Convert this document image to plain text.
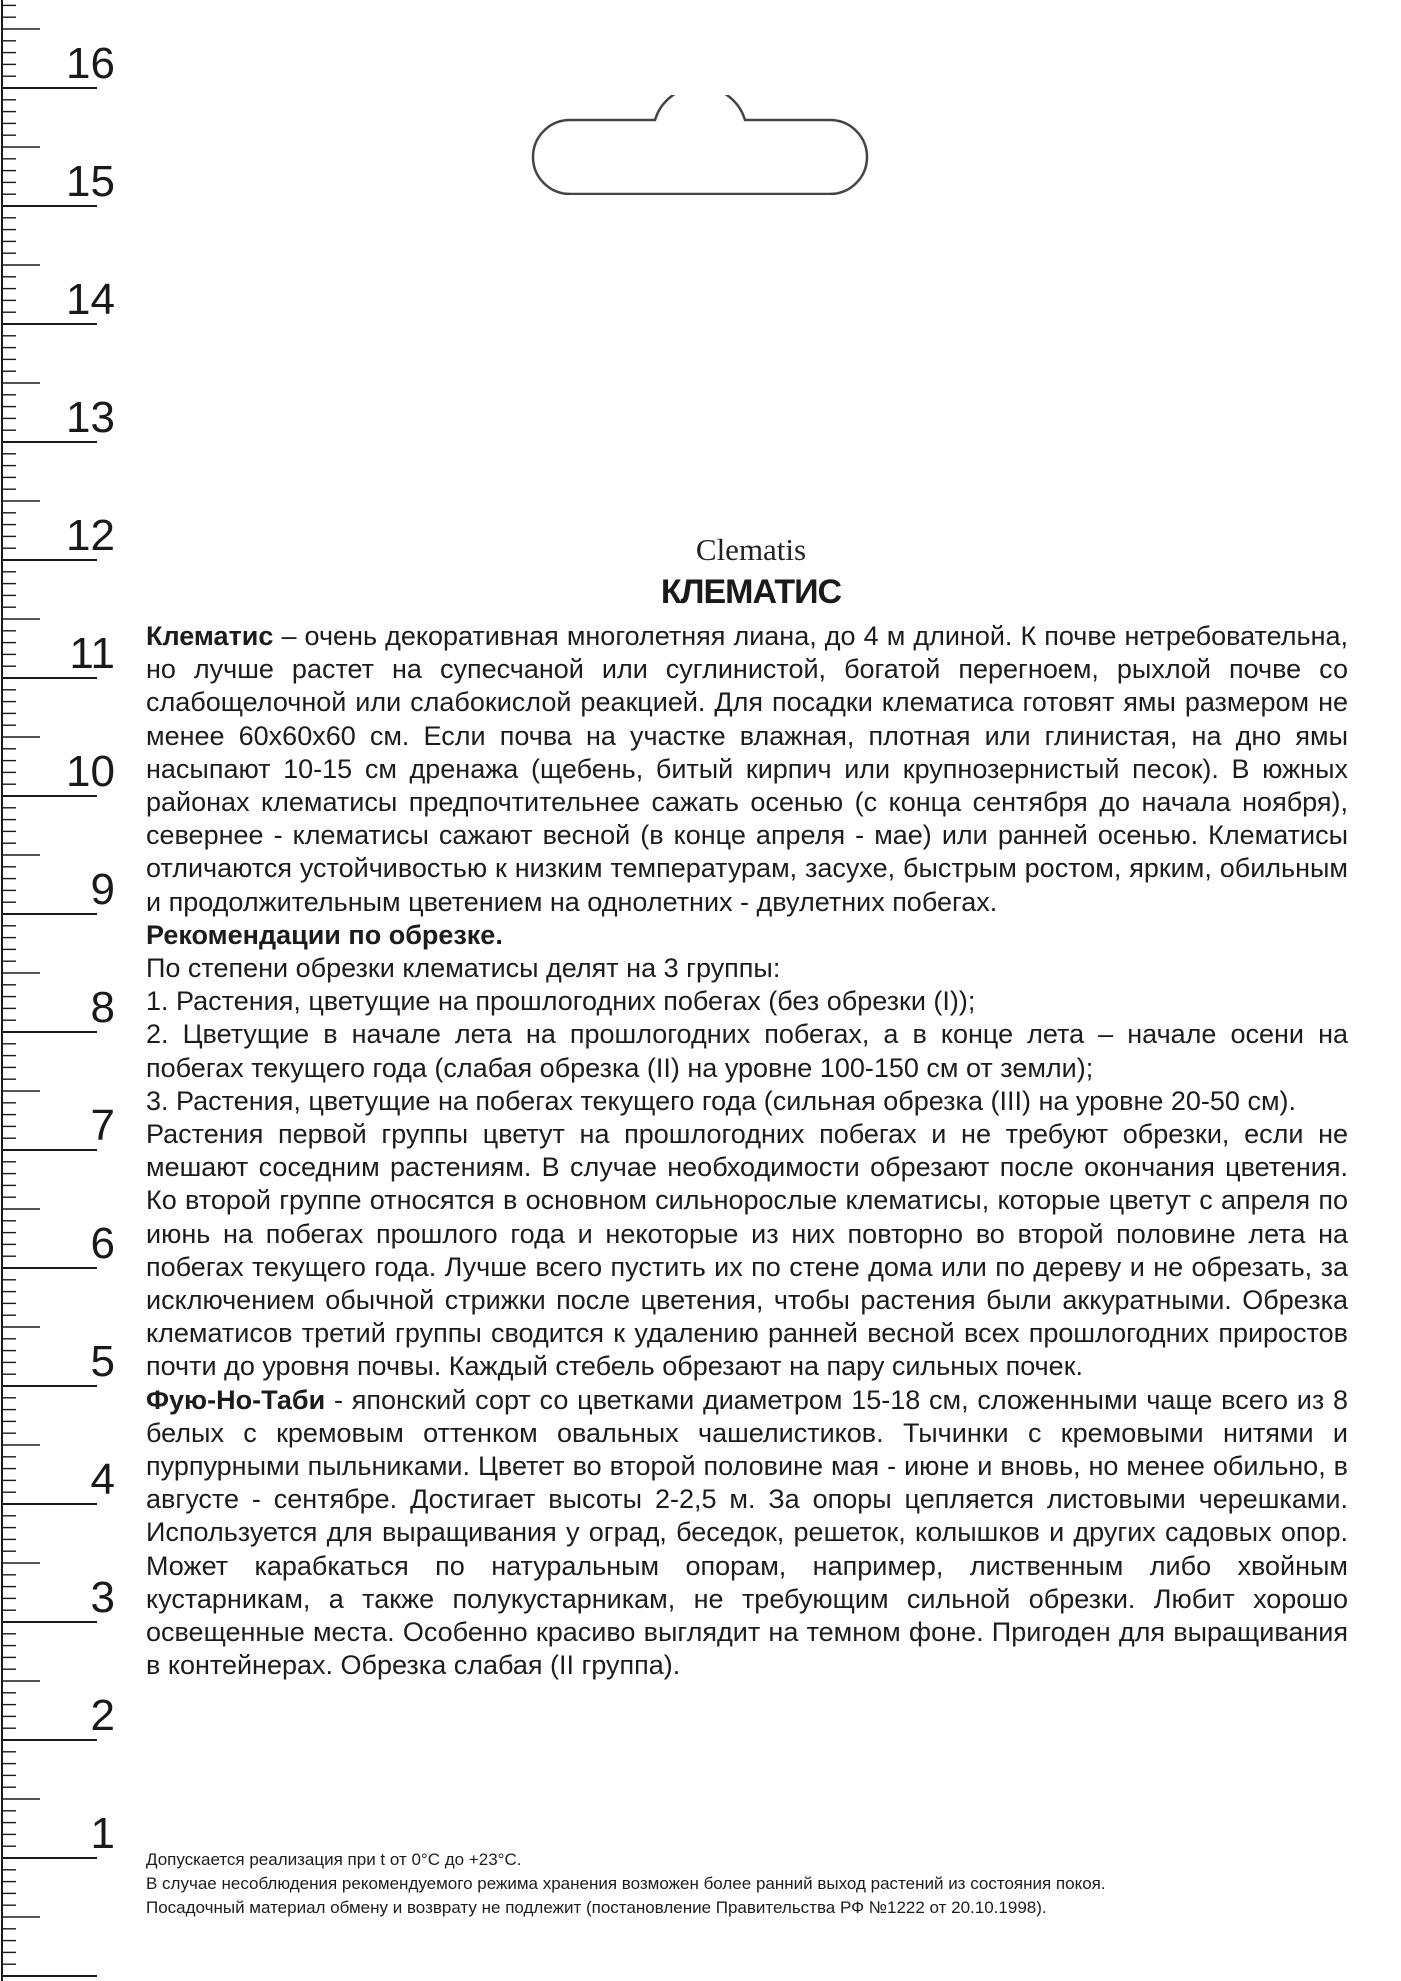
16
15
14
13
12
11
10
9
8
7
6
5
4
3
2
1
Clematis
КЛЕМАТИС

Клематис – очень декоративная многолетняя лиана, до 4 м длиной. К почве нетребовательна, но лучше растет на супесчаной или суглинистой, богатой перегноем, рыхлой почве со слабощелочной или слабокислой реакцией. Для посадки клематиса готовят ямы размером не менее 60х60х60 см. Если почва на участке влажная, плотная или глинистая, на дно ямы насыпают 10-15 см дренажа (щебень, битый кирпич или крупнозернистый песок). В южных районах клематисы предпочтительнее сажать осенью (с конца сентября до начала ноября), севернее - клематисы сажают весной (в конце апреля - мае) или ранней осенью. Клематисы отличаются устойчивостью к низким температурам, засухе, быстрым ростом, ярким, обильным и продолжительным цветением на однолетних - двулетних побегах.

Рекомендации по обрезке.

По степени обрезки клематисы делят на 3 группы:

1. Растения, цветущие на прошлогодних побегах (без обрезки (I));

2. Цветущие в начале лета на прошлогодних побегах, а в конце лета – начале осени на побегах текущего года (слабая обрезка (II) на уровне 100-150 см от земли);

3. Растения, цветущие на побегах текущего года (сильная обрезка (III) на уровне 20-50 см).

Растения первой группы цветут на прошлогодних побегах и не требуют обрезки, если не мешают соседним растениям. В случае необходимости обрезают после окончания цветения. Ко второй группе относятся в основном сильнорослые клематисы, которые цветут с апреля по июнь на побегах прошлого года и некоторые из них повторно во второй половине лета на побегах текущего года. Лучше всего пустить их по стене дома или по дереву и не обрезать, за исключением обычной стрижки после цветения, чтобы растения были аккуратными. Обрезка клематисов третий группы сводится к удалению ранней весной всех прошлогодних приростов почти до уровня почвы. Каждый стебель обрезают на пару сильных почек.

Фую-Но-Таби - японский сорт со цветками диаметром 15-18 см, сложенными чаще всего из 8 белых с кремовым оттенком овальных чашелистиков. Тычинки с кремовыми нитями и пурпурными пыльниками. Цветет во второй половине мая - июне и вновь, но менее обильно, в августе - сентябре. Достигает высоты 2-2,5 м. За опоры цепляется листовыми черешками. Используется для выращивания у оград, беседок, решеток, колышков и других садовых опор. Может карабкаться по натуральным опорам, например, лиственным либо хвойным кустарникам, а также полукустарникам, не требующим сильной обрезки. Любит хорошо освещенные места. Особенно красиво выглядит на темном фоне. Пригоден для выращивания в контейнерах. Обрезка слабая (II группа).

Допускается реализация при t от 0°C до +23°C.

В случае несоблюдения рекомендуемого режима хранения возможен более ранний выход растений из состояния покоя.

Посадочный материал обмену и возврату не подлежит (постановление Правительства РФ №1222 от 20.10.1998).
